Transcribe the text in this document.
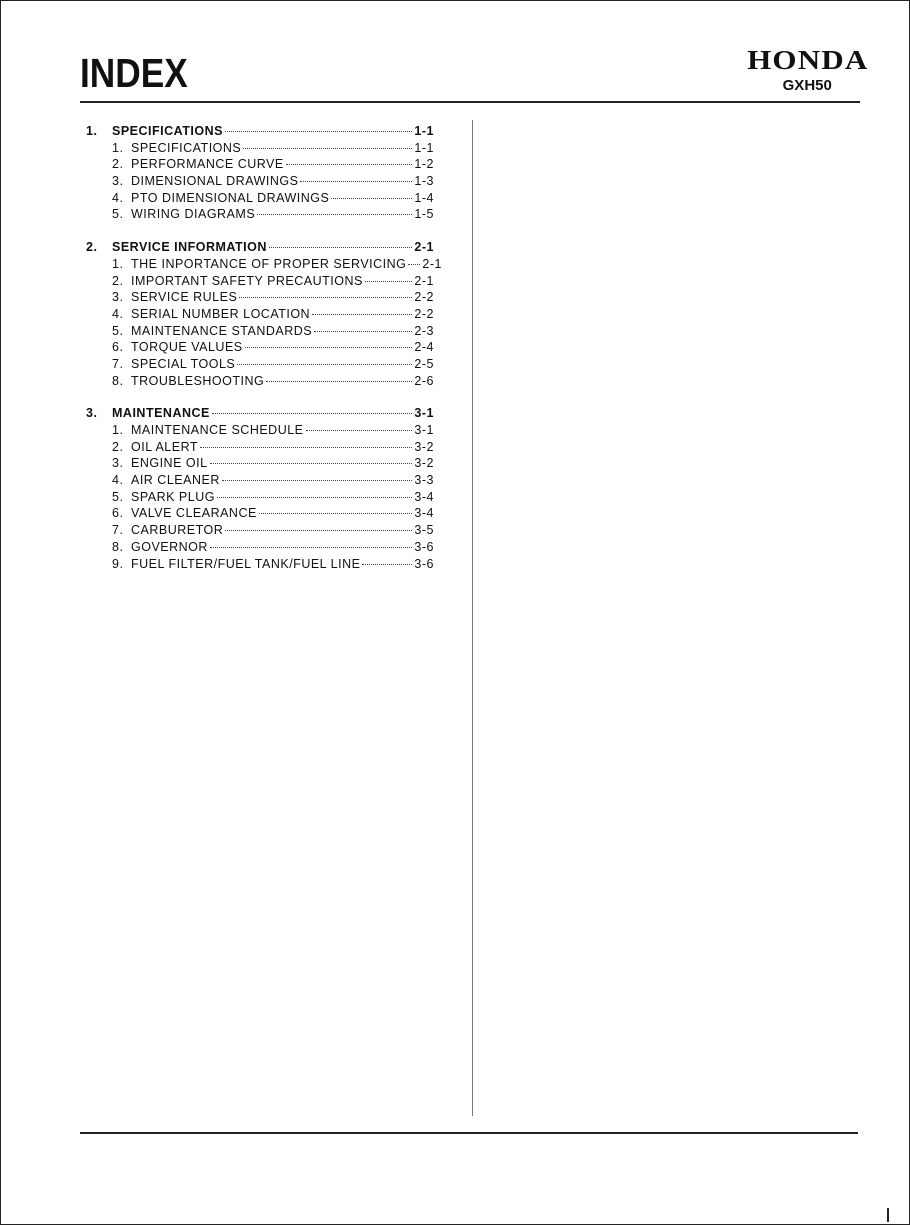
INDEX	HONDA
GXH50
1.	SPECIFICATIONS	1-1
1. SPECIFICATIONS	1-1
2. PERFORMANCE CURVE	1-2
3. DIMENSIONAL DRAWINGS	1-3
4. PTO DIMENSIONAL DRAWINGS	1-4
5. WIRING DIAGRAMS	1-5
2.	SERVICE INFORMATION	2-1
1. THE INPORTANCE OF PROPER SERVICING 2-1
2. IMPORTANT SAFETY PRECAUTIONS	2-1
3. SERVICE RULES	2-2
4. SERIAL NUMBER LOCATION	2-2
5. MAINTENANCE STANDARDS	2-3
6. TORQUE VALUES	2-4
7. SPECIAL TOOLS	2-5
8. TROUBLESHOOTING	2-6
3.	MAINTENANCE	3-1
1. MAINTENANCE SCHEDULE	3-1
2. OIL ALERT	3-2
3. ENGINE OIL	3-2
4. AIR CLEANER	3-3
5. SPARK PLUG	3-4
6. VALVE CLEARANCE	3-4
7. CARBURETOR	3-5
8. GOVERNOR	3-6
9. FUEL FILTER/FUEL TANK/FUEL LINE	3-6
